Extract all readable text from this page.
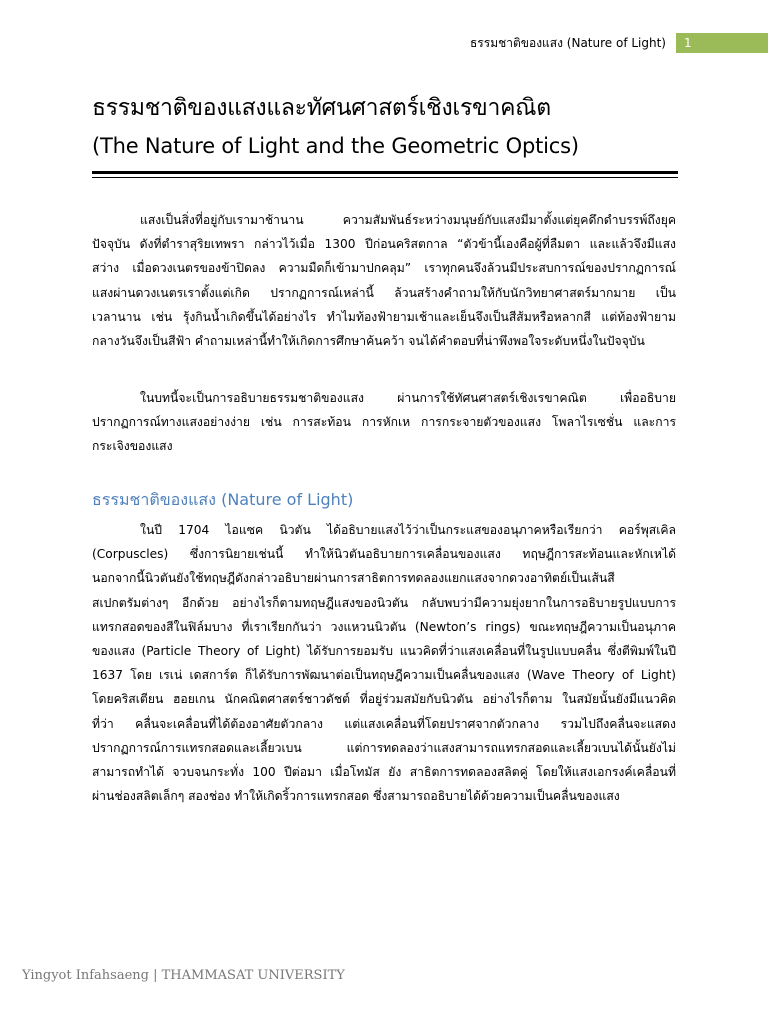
ธรรมชาติของแสง (Nature of Light)	1
ธรรมชาติของแสงและทัศนศาสตร์เชิงเรขาคณิต
(The Nature of Light and the Geometric Optics)

แสงเป็นสิ่งที่อยู่กับเรามาช้านาน ความสัมพันธ์ระหว่างมนุษย์กับแสงมีมาตั้งแต่ยุคดึกดำบรรพ์ถึงยุค
ปัจจุบัน ดังที่ตำราสุริยเทพรา กล่าวไว้เมื่อ 1300 ปีก่อนคริสตกาล “ตัวข้านี้เองคือผู้ที่ลืมตา และแล้วจึงมีแสง
สว่าง เมื่อดวงเนตรของข้าปิดลง ความมืดก็เข้ามาปกคลุม” เราทุกคนจึงล้วนมีประสบการณ์ของปรากฏการณ์
แสงผ่านดวงเนตรเราตั้งแต่เกิด ปรากฏการณ์เหล่านี้ ล้วนสร้างคำถามให้กับนักวิทยาศาสตร์มากมาย เป็น
เวลานาน เช่น รุ้งกินน้ำเกิดขึ้นได้อย่างไร ทำไมท้องฟ้ายามเช้าและเย็นจึงเป็นสีส้มหรือหลากสี แต่ท้องฟ้ายาม
กลางวันจึงเป็นสีฟ้า คำถามเหล่านี้ทำให้เกิดการศึกษาค้นคว้า จนได้คำตอบที่น่าพึงพอใจระดับหนึ่งในปัจจุบัน

ในบทนี้จะเป็นการอธิบายธรรมชาติของแสง ผ่านการใช้ทัศนศาสตร์เชิงเรขาคณิต เพื่ออธิบาย
ปรากฏการณ์ทางแสงอย่างง่าย เช่น การสะท้อน การหักเห การกระจายตัวของแสง โพลาไรเซชั่น และการ
กระเจิงของแสง

ธรรมชาติของแสง (Nature of Light)

ในปี 1704 ไอแซค นิวตัน ได้อธิบายแสงไว้ว่าเป็นกระแสของอนุภาคหรือเรียกว่า คอร์พุสเคิล
(Corpuscles) ซึ่งการนิยายเช่นนี้ ทำให้นิวตันอธิบายการเคลื่อนของแสง ทฤษฎีการสะท้อนและหักเหได้
นอกจากนี้นิวตันยังใช้ทฤษฎีดังกล่าวอธิบายผ่านการสาธิตการทดลองแยกแสงจากดวงอาทิตย์เป็นเส้นสี
สเปกตรัมต่างๆ อีกด้วย อย่างไรก็ตามทฤษฎีแสงของนิวตัน กลับพบว่ามีความยุ่งยากในการอธิบายรูปแบบการ
แทรกสอดของสีในฟิล์มบาง ที่เราเรียกกันว่า วงแหวนนิวตัน (Newton’s rings) ขณะทฤษฎีความเป็นอนุภาค
ของแสง (Particle Theory of Light) ได้รับการยอมรับ แนวคิดที่ว่าแสงเคลื่อนที่ในรูปแบบคลื่น ซึ่งตีพิมพ์ในปี
1637 โดย เรเน่ เดสการ์ต ก็ได้รับการพัฒนาต่อเป็นทฤษฎีความเป็นคลื่นของแสง (Wave Theory of Light)
โดยคริสเตียน ฮอยเกน นักคณิตศาสตร์ชาวดัชต์ ที่อยู่ร่วมสมัยกับนิวตัน อย่างไรก็ตาม ในสมัยนั้นยังมีแนวคิด
ที่ว่า คลื่นจะเคลื่อนที่ได้ต้องอาศัยตัวกลาง แต่แสงเคลื่อนที่โดยปราศจากตัวกลาง รวมไปถึงคลื่นจะแสดง
ปรากฏการณ์การแทรกสอดและเลี้ยวเบน แต่การทดลองว่าแสงสามารถแทรกสอดและเลี้ยวเบนได้นั้นยังไม่
สามารถทำได้ จวบจนกระทั่ง 100 ปีต่อมา เมื่อโทมัส ยัง สาธิตการทดลองสลิตคู่ โดยให้แสงเอกรงค์เคลื่อนที่
ผ่านช่องสลิตเล็กๆ สองช่อง ทำให้เกิดริ้วการแทรกสอด ซึ่งสามารถอธิบายได้ด้วยความเป็นคลื่นของแสง

Yingyot Infahsaeng | THAMMASAT UNIVERSITY
